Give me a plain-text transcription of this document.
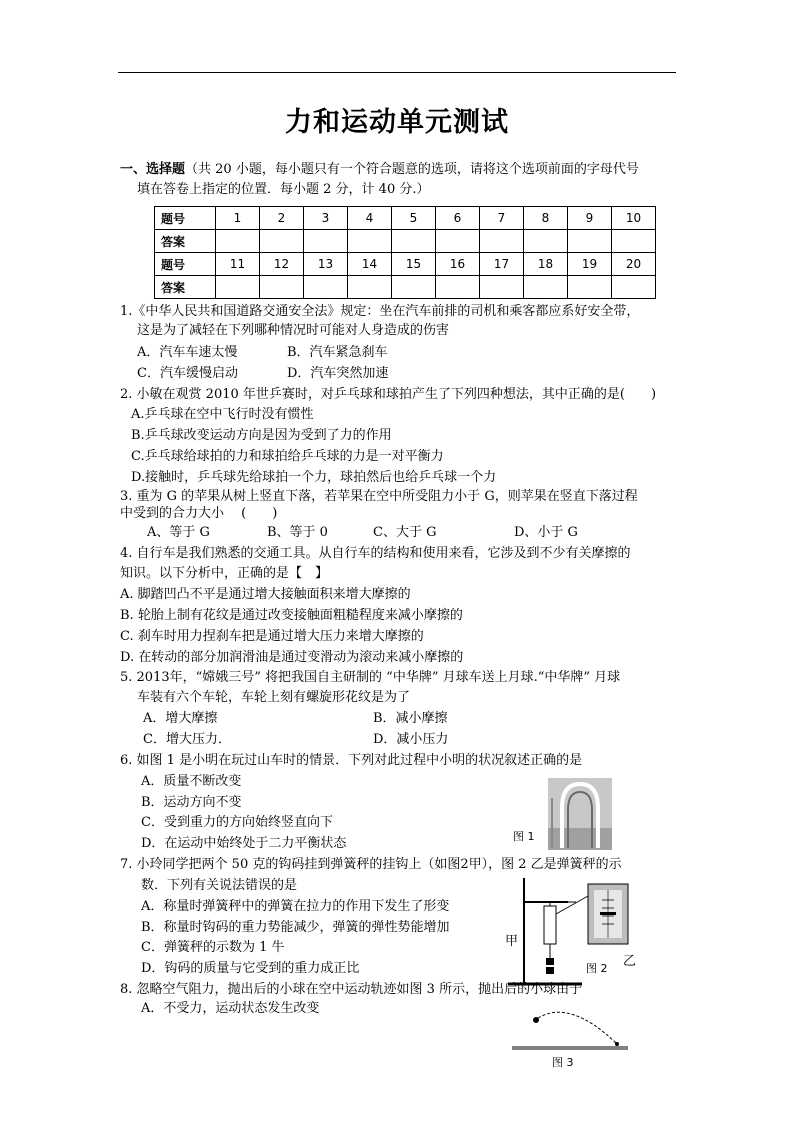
力和运动单元测试
一、选择题（共 20 小题，每小题只有一个符合题意的选项，请将这个选项前面的字母代号
填在答卷上指定的位置．每小题 2 分，计 40 分.）
题号	1	2	3	4	5	6	7	8	9	10
答案										
题号	11	12	13	14	15	16	17	18	19	20
答案										
1.《中华人民共和国道路交通安全法》规定：坐在汽车前排的司机和乘客都应系好安全带，
这是为了减轻在下列哪种情况时可能对人身造成的伤害
A．汽车车速太慢	B．汽车紧急刹车
C．汽车缓慢启动	D．汽车突然加速
2. 小敏在观赏 2010 年世乒赛时，对乒乓球和球拍产生了下列四种想法，其中正确的是(　　)
A.乒乓球在空中飞行时没有惯性
B.乒乓球改变运动方向是因为受到了力的作用
C.乒乓球给球拍的力和球拍给乒乓球的力是一对平衡力
D.接触时，乒乓球先给球拍一个力，球拍然后也给乒乓球一个力
3. 重为 G 的苹果从树上竖直下落，若苹果在空中所受阻力小于 G，则苹果在竖直下落过程
中受到的合力大小　 (　　)
A、等于 G	B、等于 0	C、大于 G	D、小于 G
4. 自行车是我们熟悉的交通工具。从自行车的结构和使用来看，它涉及到不少有关摩擦的
知识。以下分析中，正确的是【　】
A. 脚踏凹凸不平是通过增大接触面积来增大摩擦的
B. 轮胎上制有花纹是通过改变接触面粗糙程度来减小摩擦的
C. 刹车时用力捏刹车把是通过增大压力来增大摩擦的
D. 在转动的部分加润滑油是通过变滑动为滚动来减小摩擦的
5. 2013年，“嫦娥三号” 将把我国自主研制的 “中华牌” 月球车送上月球.“中华牌” 月球
车装有六个车轮，车轮上刻有螺旋形花纹是为了
A．增大摩擦	B．减小摩擦
C．增大压力．	D．减小压力
6. 如图 1 是小明在玩过山车时的情景．下列对此过程中小明的状况叙述正确的是
A．质量不断改变
B．运动方向不变
C．受到重力的方向始终竖直向下
D．在运动中始终处于二力平衡状态
7. 小玲同学把两个 50 克的钩码挂到弹簧秤的挂钩上（如图2甲），图 2 乙是弹簧秤的示
数．下列有关说法错误的是
A．称量时弹簧秤中的弹簧在拉力的作用下发生了形变
B．称量时钩码的重力势能减少，弹簧的弹性势能增加
C．弹簧秤的示数为 1 牛
D．钩码的质量与它受到的重力成正比
8. 忽略空气阻力，抛出后的小球在空中运动轨迹如图 3 所示，抛出后的小球由于
A．不受力，运动状态发生改变
图 1
甲
图 2 乙
图 3
